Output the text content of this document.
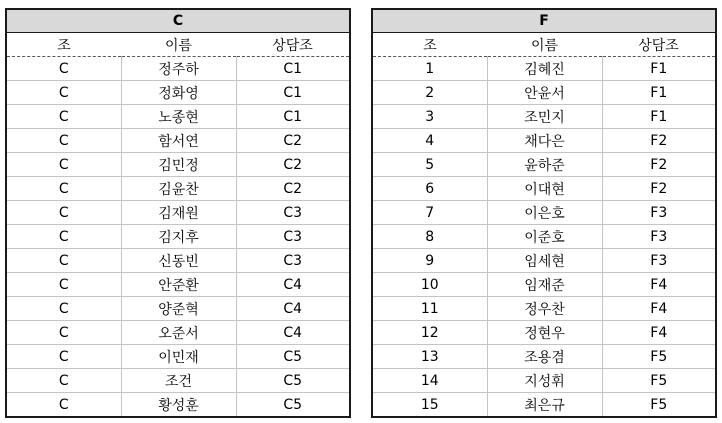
C		
조	이름	상담조
C	정주하	C1
C	정화영	C1
C	노종현	C1
C	함서연	C2
C	김민정	C2
C	김윤찬	C2
C	김재원	C3
C	김지후	C3
C	신동빈	C3
C	안준환	C4
C	양준혁	C4
C	오준서	C4
C	이민재	C5
C	조건	C5
C	황성훈	C5
F		
조	이름	상담조
1	김혜진	F1
2	안윤서	F1
3	조민지	F1
4	채다은	F2
5	윤하준	F2
6	이대현	F2
7	이은호	F3
8	이준호	F3
9	임세현	F3
10	임재준	F4
11	정우찬	F4
12	정현우	F4
13	조용겸	F5
14	지성휘	F5
15	최은규	F5
